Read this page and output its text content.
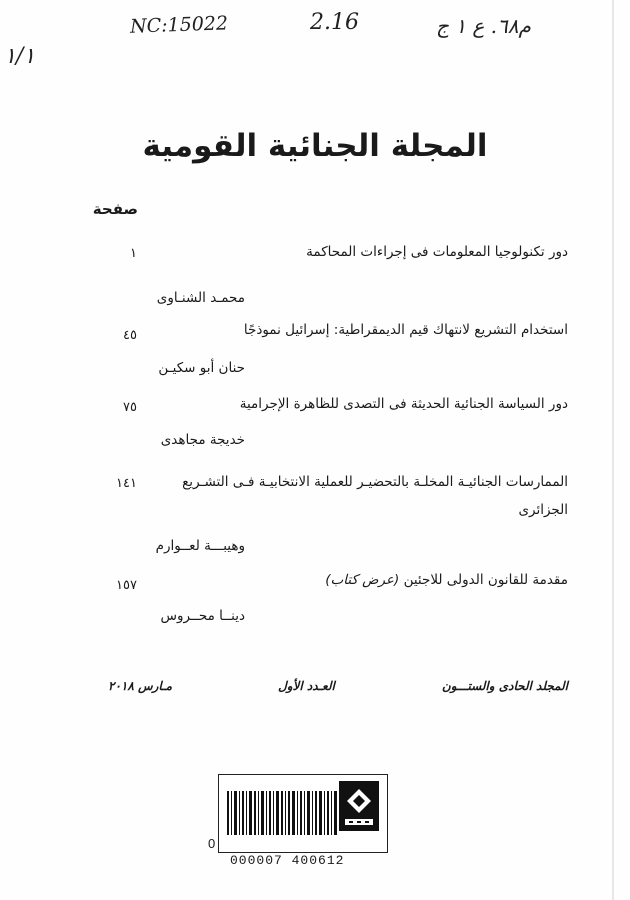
NC:15022	2.16	م٦٨. ع ١ ج
١/١
المجلة الجنائية القومية
صفحة
دور تكنولوجيا المعلومات فى إجراءات المحاكمة
١
محمـد الشنـاوى
استخدام التشريع لانتهاك قيم الديمقراطية: إسرائيل نموذجًا
٤٥
حنان أبو سكيـن
دور السياسة الجنائية الحديثة فى التصدى للظاهرة الإجرامية
٧٥
خديجة مجاهدى
الممارسات الجنائيـة المخلـة بالتحضيـر للعملية الانتخابيـة فـى التشـريع الجزائرى
١٤١
وهيبـــة لعــوارم
مقدمة للقانون الدولى للاجئين (عرض كتاب)
١٥٧
دينــا محــروس
المجلد الحادى والستـــون
العـدد الأول
مـارس ٢٠١٨
0
000007 400612
